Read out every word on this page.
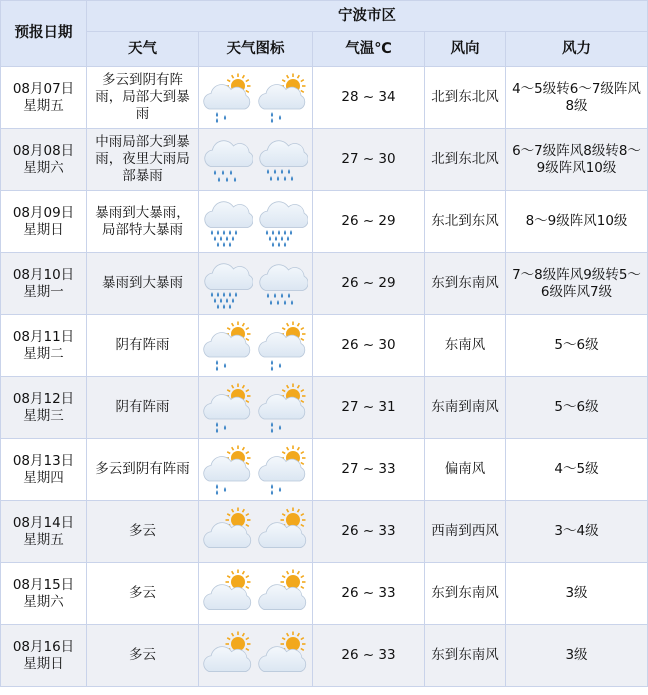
预报日期	宁波市区				
	天气	天气图标	气温℃	风向	风力

08月07日
星期五	多云到阴有阵雨，局部大到暴雨		28 ~ 34	北到东北风	4～5级转6～7级阵风8级

08月08日
星期六	中雨局部大到暴雨，夜里大雨局部暴雨		27 ~ 30	北到东北风	6～7级阵风8级转8～9级阵风10级

08月09日
星期日	暴雨到大暴雨，局部特大暴雨		26 ~ 29	东北到东风	8～9级阵风10级

08月10日
星期一	暴雨到大暴雨		26 ~ 29	东到东南风	7～8级阵风9级转5～6级阵风7级

08月11日
星期二	阴有阵雨		26 ~ 30	东南风	5～6级

08月12日
星期三	阴有阵雨		27 ~ 31	东南到南风	5～6级

08月13日
星期四	多云到阴有阵雨		27 ~ 33	偏南风	4～5级

08月14日
星期五	多云		26 ~ 33	西南到西风	3～4级

08月15日
星期六	多云		26 ~ 33	东到东南风	3级

08月16日
星期日	多云		26 ~ 33	东到东南风	3级
